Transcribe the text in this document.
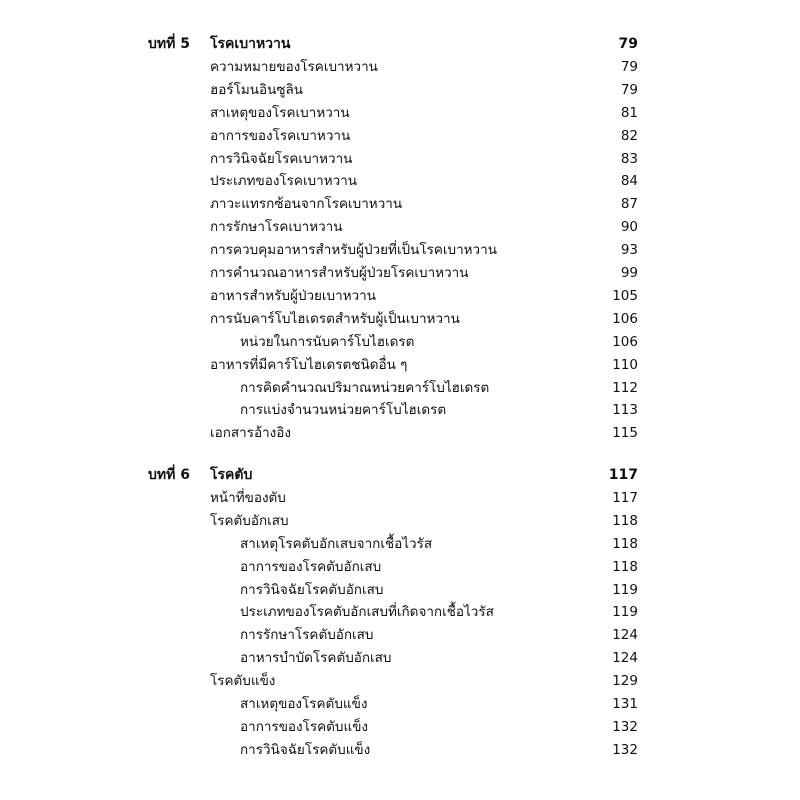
บทที่ 5 โรคเบาหวาน	79
ความหมายของโรคเบาหวาน	79
ฮอร์โมนอินซูลิน	79
สาเหตุของโรคเบาหวาน	81
อาการของโรคเบาหวาน	82
การวินิจฉัยโรคเบาหวาน	83
ประเภทของโรคเบาหวาน	84
ภาวะแทรกซ้อนจากโรคเบาหวาน	87
การรักษาโรคเบาหวาน	90
การควบคุมอาหารสำหรับผู้ป่วยที่เป็นโรคเบาหวาน	93
การคำนวณอาหารสำหรับผู้ป่วยโรคเบาหวาน	99
อาหารสำหรับผู้ป่วยเบาหวาน	105
การนับคาร์โบไฮเดรตสำหรับผู้เป็นเบาหวาน	106
หน่วยในการนับคาร์โบไฮเดรต	106
อาหารที่มีคาร์โบไฮเดรตชนิดอื่น ๆ	110
การคิดคำนวณปริมาณหน่วยคาร์โบไฮเดรต	112
การแบ่งจำนวนหน่วยคาร์โบไฮเดรต	113
เอกสารอ้างอิง	115
บทที่ 6 โรคตับ	117
หน้าที่ของตับ	117
โรคตับอักเสบ	118
สาเหตุโรคตับอักเสบจากเชื้อไวรัส	118
อาการของโรคตับอักเสบ	118
การวินิจฉัยโรคตับอักเสบ	119
ประเภทของโรคตับอักเสบที่เกิดจากเชื้อไวรัส	119
การรักษาโรคตับอักเสบ	124
อาหารบำบัดโรคตับอักเสบ	124
โรคตับแข็ง	129
สาเหตุของโรคตับแข็ง	131
อาการของโรคตับแข็ง	132
การวินิจฉัยโรคตับแข็ง	132
